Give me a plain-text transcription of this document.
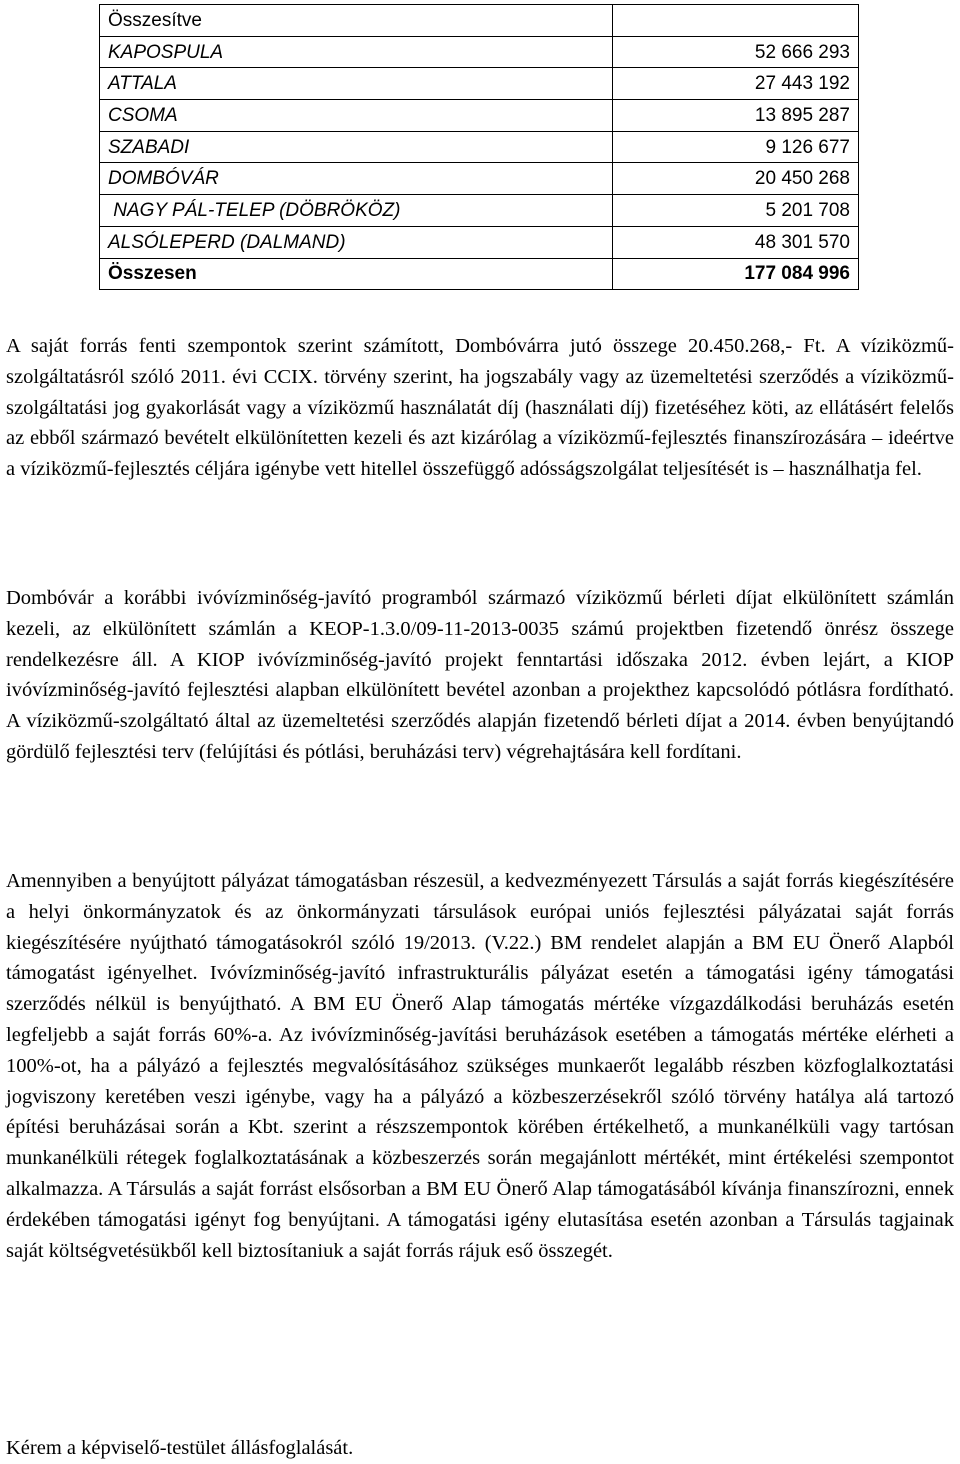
Összesítve	
KAPOSPULA	52 666 293
ATTALA	27 443 192
CSOMA	13 895 287
SZABADI	9 126 677
DOMBÓVÁR	20 450 268
NAGY PÁL-TELEP (DÖBRÖKÖZ)	5 201 708
ALSÓLEPERD (DALMAND)	48 301 570
Összesen	177 084 996

A saját forrás fenti szempontok szerint számított, Dombóvárra jutó összege 20.450.268,- Ft. A víziközmű-szolgáltatásról szóló 2011. évi CCIX. törvény szerint, ha jogszabály vagy az üzemeltetési szerződés a víziközmű-szolgáltatási jog gyakorlását vagy a víziközmű használatát díj (használati díj) fizetéséhez köti, az ellátásért felelős az ebből származó bevételt elkülönítetten kezeli és azt kizárólag a víziközmű-fejlesztés finanszírozására – ideértve a víziközmű-fejlesztés céljára igénybe vett hitellel összefüggő adósságszolgálat teljesítését is – használhatja fel.

Dombóvár a korábbi ivóvízminőség-javító programból származó víziközmű bérleti díjat elkülönített számlán kezeli, az elkülönített számlán a KEOP-1.3.0/09-11-2013-0035 számú projektben fizetendő önrész összege rendelkezésre áll. A KIOP ivóvízminőség-javító projekt fenntartási időszaka 2012. évben lejárt, a KIOP ivóvízminőség-javító fejlesztési alapban elkülönített bevétel azonban a projekthez kapcsolódó pótlásra fordítható. A víziközmű-szolgáltató által az üzemeltetési szerződés alapján fizetendő bérleti díjat a 2014. évben benyújtandó gördülő fejlesztési terv (felújítási és pótlási, beruházási terv) végrehajtására kell fordítani.

Amennyiben a benyújtott pályázat támogatásban részesül, a kedvezményezett Társulás a saját forrás kiegészítésére a helyi önkormányzatok és az önkormányzati társulások európai uniós fejlesztési pályázatai saját forrás kiegészítésére nyújtható támogatásokról szóló 19/2013. (V.22.) BM rendelet alapján a BM EU Önerő Alapból támogatást igényelhet. Ivóvízminőség-javító infrastrukturális pályázat esetén a támogatási igény támogatási szerződés nélkül is benyújtható. A BM EU Önerő Alap támogatás mértéke vízgazdálkodási beruházás esetén legfeljebb a saját forrás 60%-a. Az ivóvízminőség-javítási beruházások esetében a támogatás mértéke elérheti a 100%-ot, ha a pályázó a fejlesztés megvalósításához szükséges munkaerőt legalább részben közfoglalkoztatási jogviszony keretében veszi igénybe, vagy ha a pályázó a közbeszerzésekről szóló törvény hatálya alá tartozó építési beruházásai során a Kbt. szerint a részszempontok körében értékelhető, a munkanélküli vagy tartósan munkanélküli rétegek foglalkoztatásának a közbeszerzés során megajánlott mértékét, mint értékelési szempontot alkalmazza. A Társulás a saját forrást elsősorban a BM EU Önerő Alap támogatásából kívánja finanszírozni, ennek érdekében támogatási igényt fog benyújtani. A támogatási igény elutasítása esetén azonban a Társulás tagjainak saját költségvetésükből kell biztosítaniuk a saját forrás rájuk eső összegét.

Kérem a képviselő-testület állásfoglalását.
